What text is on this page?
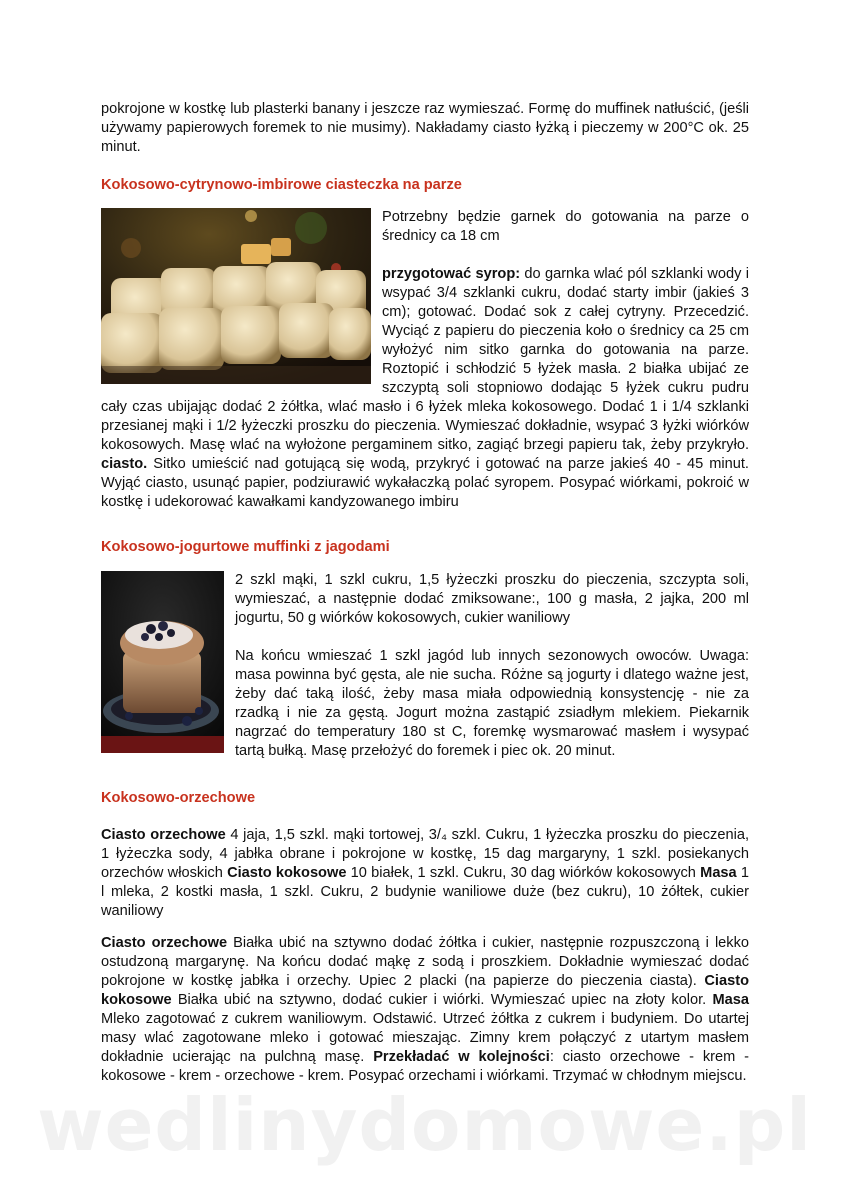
pokrojone w kostkę lub plasterki banany i jeszcze raz wymieszać. Formę do muffinek natłuścić, (jeśli używamy papierowych foremek to nie musimy). Nakładamy ciasto łyżką i pieczemy w 200°C ok. 25 minut.

Kokosowo-cytrynowo-imbirowe ciasteczka na parze

Potrzebny będzie garnek do gotowania na parze o średnicy ca 18 cm

przygotować syrop: do garnka wlać pól szklanki wody i wsypać 3/4 szklanki cukru, dodać starty imbir (jakieś 3 cm); gotować. Dodać sok z całej cytryny. Przecedzić. Wyciąć z papieru do pieczenia koło o średnicy ca 25 cm wyłożyć nim sitko garnka do gotowania na parze. Roztopić i schłodzić 5 łyżek masła. 2 białka ubijać ze szczyptą soli stopniowo dodając 5 łyżek cukru pudru cały czas ubijając dodać 2 żółtka, wlać masło i 6 łyżek mleka kokosowego. Dodać 1 i 1/4 szklanki przesianej mąki i 1/2 łyżeczki proszku do pieczenia. Wymieszać dokładnie, wsypać 3 łyżki wiórków kokosowych. Masę wlać na wyłożone pergaminem sitko, zagiąć brzegi papieru tak, żeby przykryło. ciasto. Sitko umieścić nad gotującą się wodą, przykryć i gotować na parze jakieś 40 - 45 minut. Wyjąć ciasto, usunąć papier, podziurawić wykałaczką polać syropem. Posypać wiórkami, pokroić w kostkę i udekorować kawałkami kandyzowanego imbiru

Kokosowo-jogurtowe muffinki z jagodami

2 szkl mąki, 1 szkl cukru, 1,5 łyżeczki proszku do pieczenia, szczypta soli, wymieszać, a następnie dodać zmiksowane:, 100 g masła, 2 jajka, 200 ml jogurtu, 50 g wiórków kokosowych, cukier waniliowy

Na końcu wmieszać 1 szkl jagód lub innych sezonowych owoców. Uwaga: masa powinna być gęsta, ale nie sucha. Różne są jogurty i dlatego ważne jest, żeby dać taką ilość, żeby masa miała odpowiednią konsystencję - nie za rzadką i nie za gęstą. Jogurt można zastąpić zsiadłym mlekiem. Piekarnik nagrzać do temperatury 180 st C, foremkę wysmarować masłem i wysypać tartą bułką. Masę przełożyć do foremek i piec ok. 20 minut.

Kokosowo-orzechowe

Ciasto orzechowe 4 jaja, 1,5 szkl. mąki tortowej, 3/₄ szkl. Cukru, 1 łyżeczka proszku do pieczenia, 1 łyżeczka sody, 4 jabłka obrane i pokrojone w kostkę, 15 dag margaryny, 1 szkl. posiekanych orzechów włoskich Ciasto kokosowe 10 białek, 1 szkl. Cukru, 30 dag wiórków kokosowych Masa 1 l mleka, 2 kostki masła, 1 szkl. Cukru, 2 budynie waniliowe duże (bez cukru), 10 żółtek, cukier waniliowy

Ciasto orzechowe Białka ubić na sztywno dodać żółtka i cukier, następnie rozpuszczoną i lekko ostudzoną margarynę. Na końcu dodać mąkę z sodą i proszkiem. Dokładnie wymieszać dodać pokrojone w kostkę jabłka i orzechy. Upiec 2 placki (na papierze do pieczenia ciasta). Ciasto kokosowe Białka ubić na sztywno, dodać cukier i wiórki. Wymieszać upiec na złoty kolor. Masa Mleko zagotować z cukrem waniliowym. Odstawić. Utrzeć żółtka z cukrem i budyniem. Do utartej masy wlać zagotowane mleko i gotować mieszając. Zimny krem połączyć z utartym masłem dokładnie ucierając na pulchną masę. Przekładać w kolejności: ciasto orzechowe - krem - kokosowe - krem - orzechowe - krem. Posypać orzechami i wiórkami. Trzymać w chłodnym miejscu.

wedlinydomowe.pl
